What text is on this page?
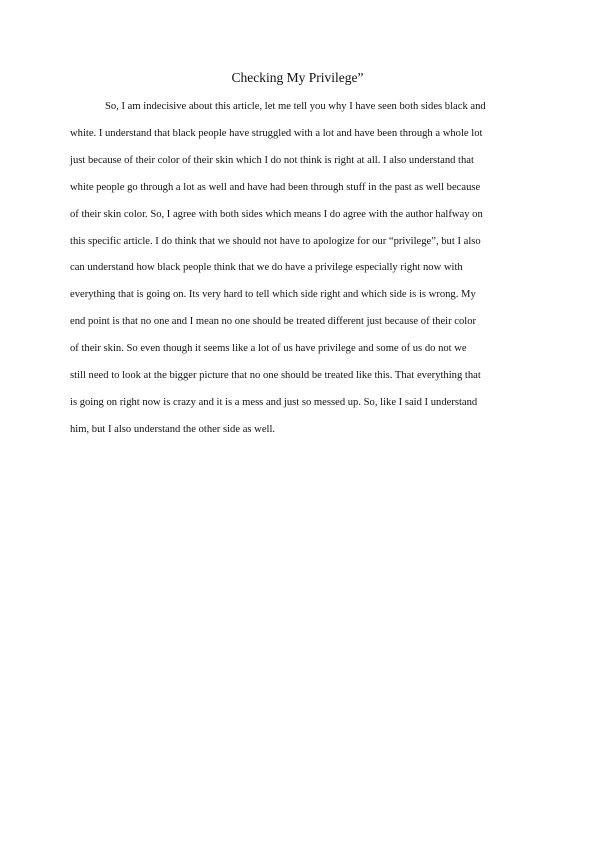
Checking My Privilege”
So, I am indecisive about this article, let me tell you why I have seen both sides black and
white. I understand that black people have struggled with a lot and have been through a whole lot
just because of their color of their skin which I do not think is right at all. I also understand that
white people go through a lot as well and have had been through stuff in the past as well because
of their skin color. So, I agree with both sides which means I do agree with the author halfway on
this specific article. I do think that we should not have to apologize for our “privilege”, but I also
can understand how black people think that we do have a privilege especially right now with
everything that is going on. Its very hard to tell which side right and which side is is wrong. My
end point is that no one and I mean no one should be treated different just because of their color
of their skin. So even though it seems like a lot of us have privilege and some of us do not we
still need to look at the bigger picture that no one should be treated like this. That everything that
is going on right now is crazy and it is a mess and just so messed up. So, like I said I understand
him, but I also understand the other side as well.
